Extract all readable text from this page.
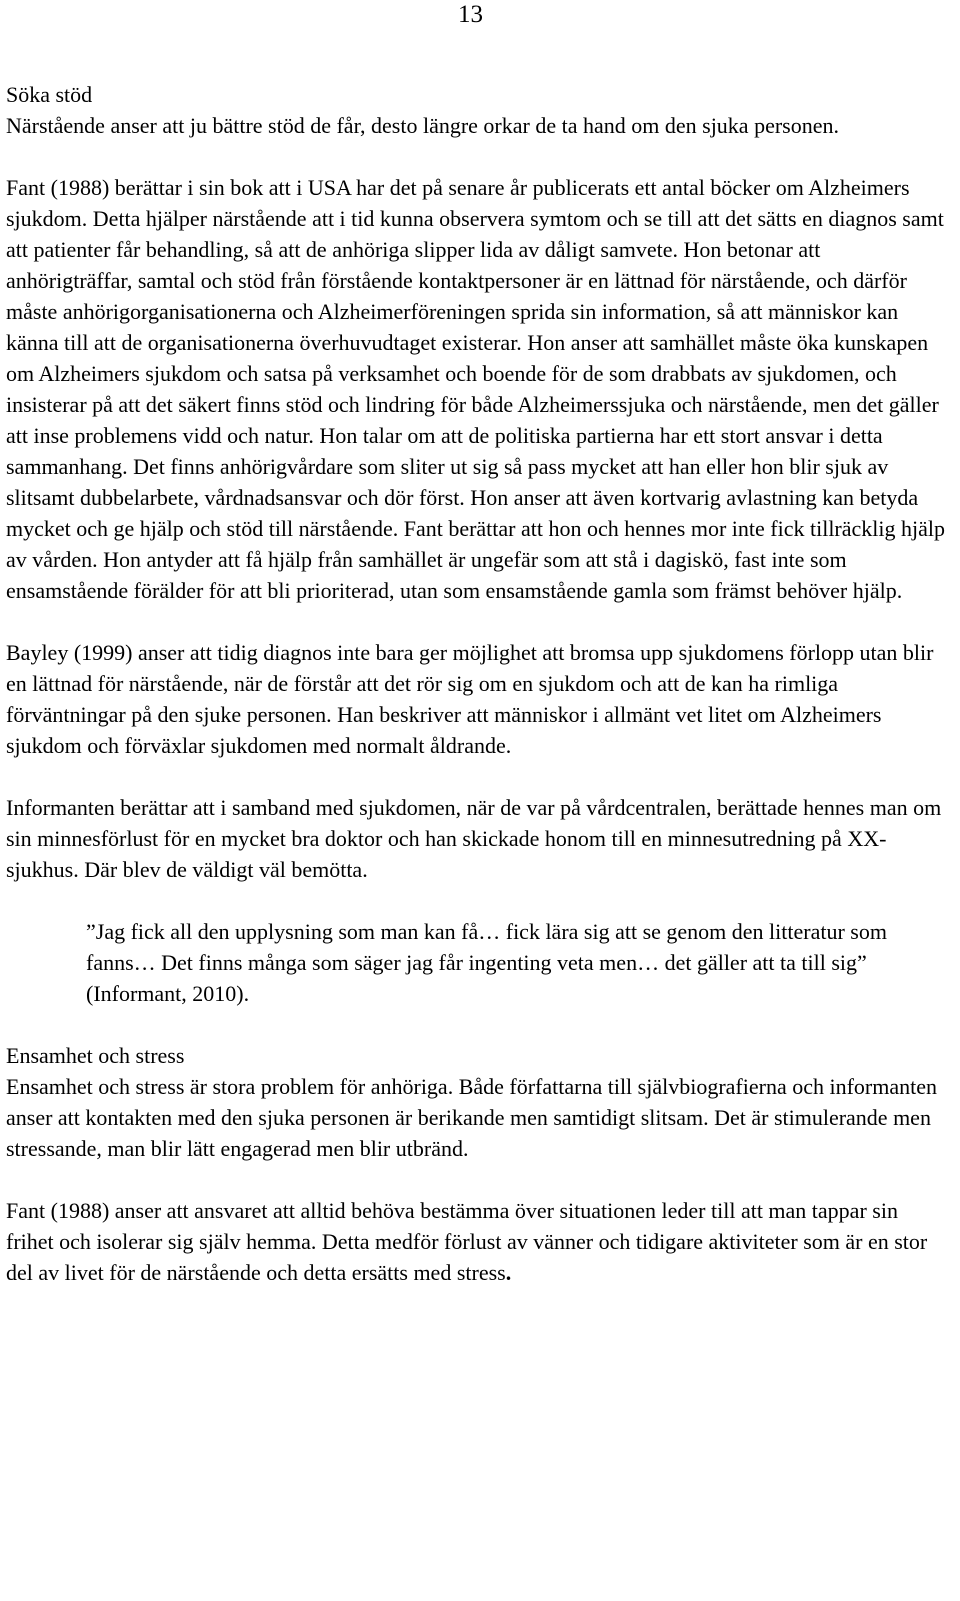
13

Söka stöd

Närstående anser att ju bättre stöd de får, desto längre orkar de ta hand om den sjuka personen.

Fant (1988) berättar i sin bok att i USA har det på senare år publicerats ett antal böcker om Alzheimers sjukdom. Detta hjälper närstående att i tid kunna observera symtom och se till att det sätts en diagnos samt att patienter får behandling, så att de anhöriga slipper lida av dåligt samvete. Hon betonar att anhörigträffar, samtal och stöd från förstående kontaktpersoner är en lättnad för närstående, och därför måste anhörigorganisationerna och Alzheimerföreningen sprida sin information, så att människor kan känna till att de organisationerna överhuvudtaget existerar. Hon anser att samhället måste öka kunskapen om Alzheimers sjukdom och satsa på verksamhet och boende för de som drabbats av sjukdomen, och insisterar på att det säkert finns stöd och lindring för både Alzheimerssjuka och närstående, men det gäller att inse problemens vidd och natur. Hon talar om att de politiska partierna har ett stort ansvar i detta sammanhang. Det finns anhörigvårdare som sliter ut sig så pass mycket att han eller hon blir sjuk av slitsamt dubbelarbete, vårdnadsansvar och dör först. Hon anser att även kortvarig avlastning kan betyda mycket och ge hjälp och stöd till närstående. Fant berättar att hon och hennes mor inte fick tillräcklig hjälp av vården. Hon antyder att få hjälp från samhället är ungefär som att stå i dagiskö, fast inte som ensamstående förälder för att bli prioriterad, utan som ensamstående gamla som främst behöver hjälp.

Bayley (1999) anser att tidig diagnos inte bara ger möjlighet att bromsa upp sjukdomens förlopp utan blir en lättnad för närstående, när de förstår att det rör sig om en sjukdom och att de kan ha rimliga förväntningar på den sjuke personen. Han beskriver att människor i allmänt vet litet om Alzheimers sjukdom och förväxlar sjukdomen med normalt åldrande.

Informanten berättar att i samband med sjukdomen, när de var på vårdcentralen, berättade hennes man om sin minnesförlust för en mycket bra doktor och han skickade honom till en minnesutredning på XX-sjukhus. Där blev de väldigt väl bemötta.

”Jag fick all den upplysning som man kan få… fick lära sig att se genom den litteratur som fanns… Det finns många som säger jag får ingenting veta men… det gäller att ta till sig” (Informant, 2010).

Ensamhet och stress

Ensamhet och stress är stora problem för anhöriga. Både författarna till självbiografierna och informanten anser att kontakten med den sjuka personen är berikande men samtidigt slitsam. Det är stimulerande men stressande, man blir lätt engagerad men blir utbränd.

Fant (1988) anser att ansvaret att alltid behöva bestämma över situationen leder till att man tappar sin frihet och isolerar sig själv hemma. Detta medför förlust av vänner och tidigare aktiviteter som är en stor del av livet för de närstående och detta ersätts med stress.
